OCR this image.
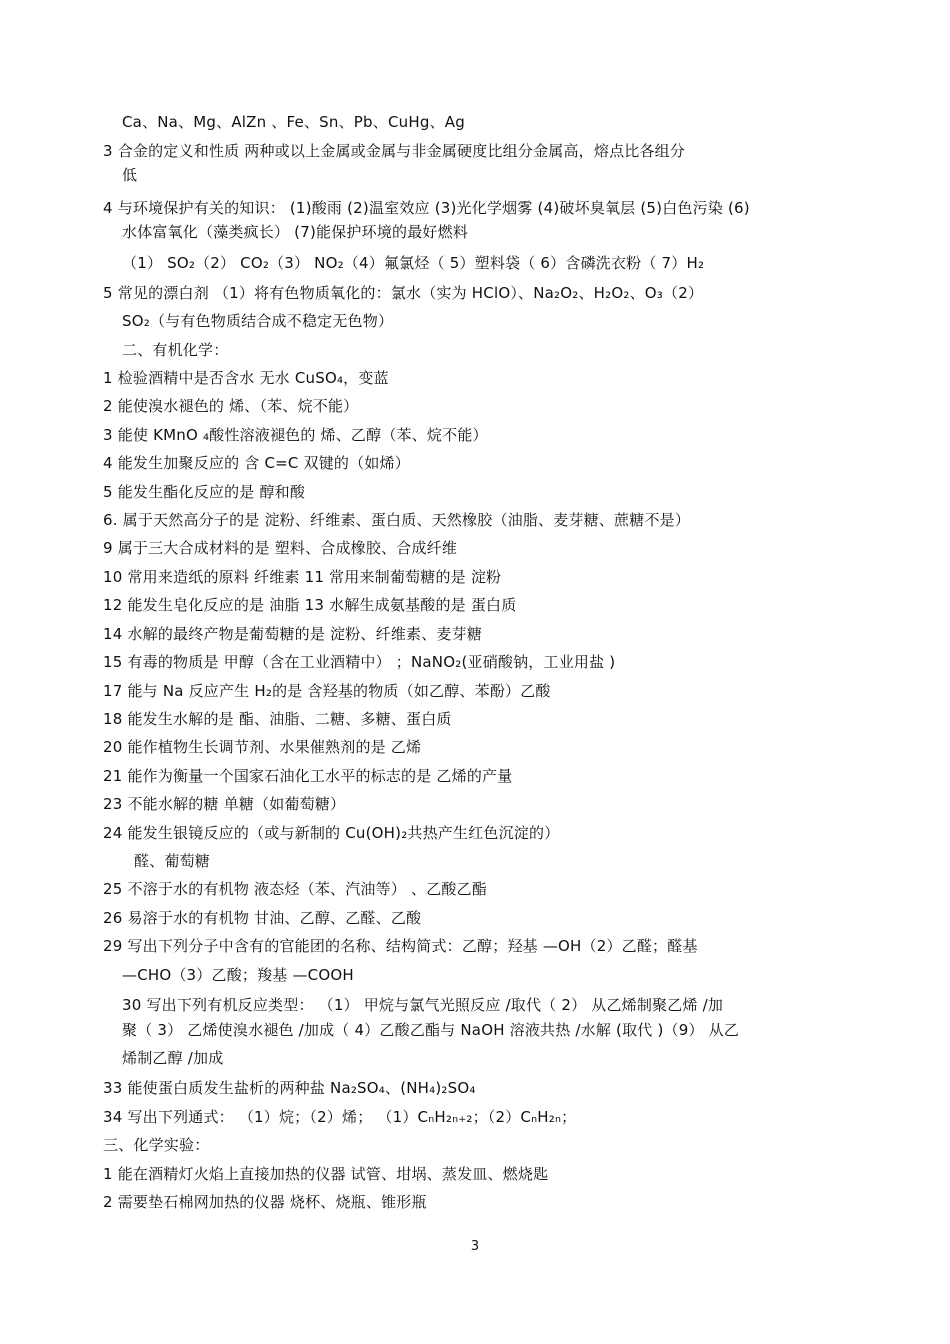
Ca、Na、Mg、AlZn 、Fe、Sn、Pb、CuHg、Ag
3 合金的定义和性质 两种或以上金属或金属与非金属硬度比组分金属高，熔点比各组分
低
4 与环境保护有关的知识： (1)酸雨 (2)温室效应 (3)光化学烟雾 (4)破坏臭氧层 (5)白色污染 (6)
水体富氧化（藻类疯长） (7)能保护环境的最好燃料
（1） SO₂（2） CO₂（3） NO₂（4）氟氯烃（ 5）塑料袋（ 6）含磷洗衣粉（ 7）H₂
5 常见的漂白剂 （1）将有色物质氧化的：氯水（实为 HClO）、Na₂O₂、H₂O₂、O₃（2）
SO₂（与有色物质结合成不稳定无色物）
二、有机化学：
1 检验酒精中是否含水 无水 CuSO₄，变蓝
2 能使溴水褪色的 烯、（苯、烷不能）
3 能使 KMnO ₄酸性溶液褪色的 烯、乙醇（苯、烷不能）
4 能发生加聚反应的 含 C=C 双键的（如烯）
5 能发生酯化反应的是 醇和酸
6. 属于天然高分子的是 淀粉、纤维素、蛋白质、天然橡胶（油脂、麦芽糖、蔗糖不是）
9 属于三大合成材料的是 塑料、合成橡胶、合成纤维
10 常用来造纸的原料 纤维素 11 常用来制葡萄糖的是 淀粉
12 能发生皂化反应的是 油脂 13 水解生成氨基酸的是 蛋白质
14 水解的最终产物是葡萄糖的是 淀粉、纤维素、麦芽糖
15 有毒的物质是 甲醇（含在工业酒精中） ；NaNO₂(亚硝酸钠，工业用盐 )
17 能与 Na 反应产生 H₂的是 含羟基的物质（如乙醇、苯酚）乙酸
18 能发生水解的是 酯、油脂、二糖、多糖、蛋白质
20 能作植物生长调节剂、水果催熟剂的是 乙烯
21 能作为衡量一个国家石油化工水平的标志的是 乙烯的产量
23 不能水解的糖 单糖（如葡萄糖）
24 能发生银镜反应的（或与新制的 Cu(OH)₂共热产生红色沉淀的）
醛、葡萄糖
25 不溶于水的有机物 液态烃（苯、汽油等） 、乙酸乙酯
26 易溶于水的有机物 甘油、乙醇、乙醛、乙酸
29 写出下列分子中含有的官能团的名称、结构简式：乙醇；羟基 —OH（2）乙醛；醛基
—CHO（3）乙酸；羧基 —COOH
30 写出下列有机反应类型： （1） 甲烷与氯气光照反应 /取代（ 2） 从乙烯制聚乙烯 /加
聚（ 3） 乙烯使溴水褪色 /加成（ 4）乙酸乙酯与 NaOH 溶液共热 /水解 (取代 )（9） 从乙
烯制乙醇 /加成
33 能使蛋白质发生盐析的两种盐 Na₂SO₄、(NH₄)₂SO₄
34 写出下列通式： （1）烷；（2）烯； （1）CₙH₂ₙ₊₂；（2）CₙH₂ₙ；
三、化学实验：
1 能在酒精灯火焰上直接加热的仪器 试管、坩埚、蒸发皿、燃烧匙
2 需要垫石棉网加热的仪器 烧杯、烧瓶、锥形瓶
3
